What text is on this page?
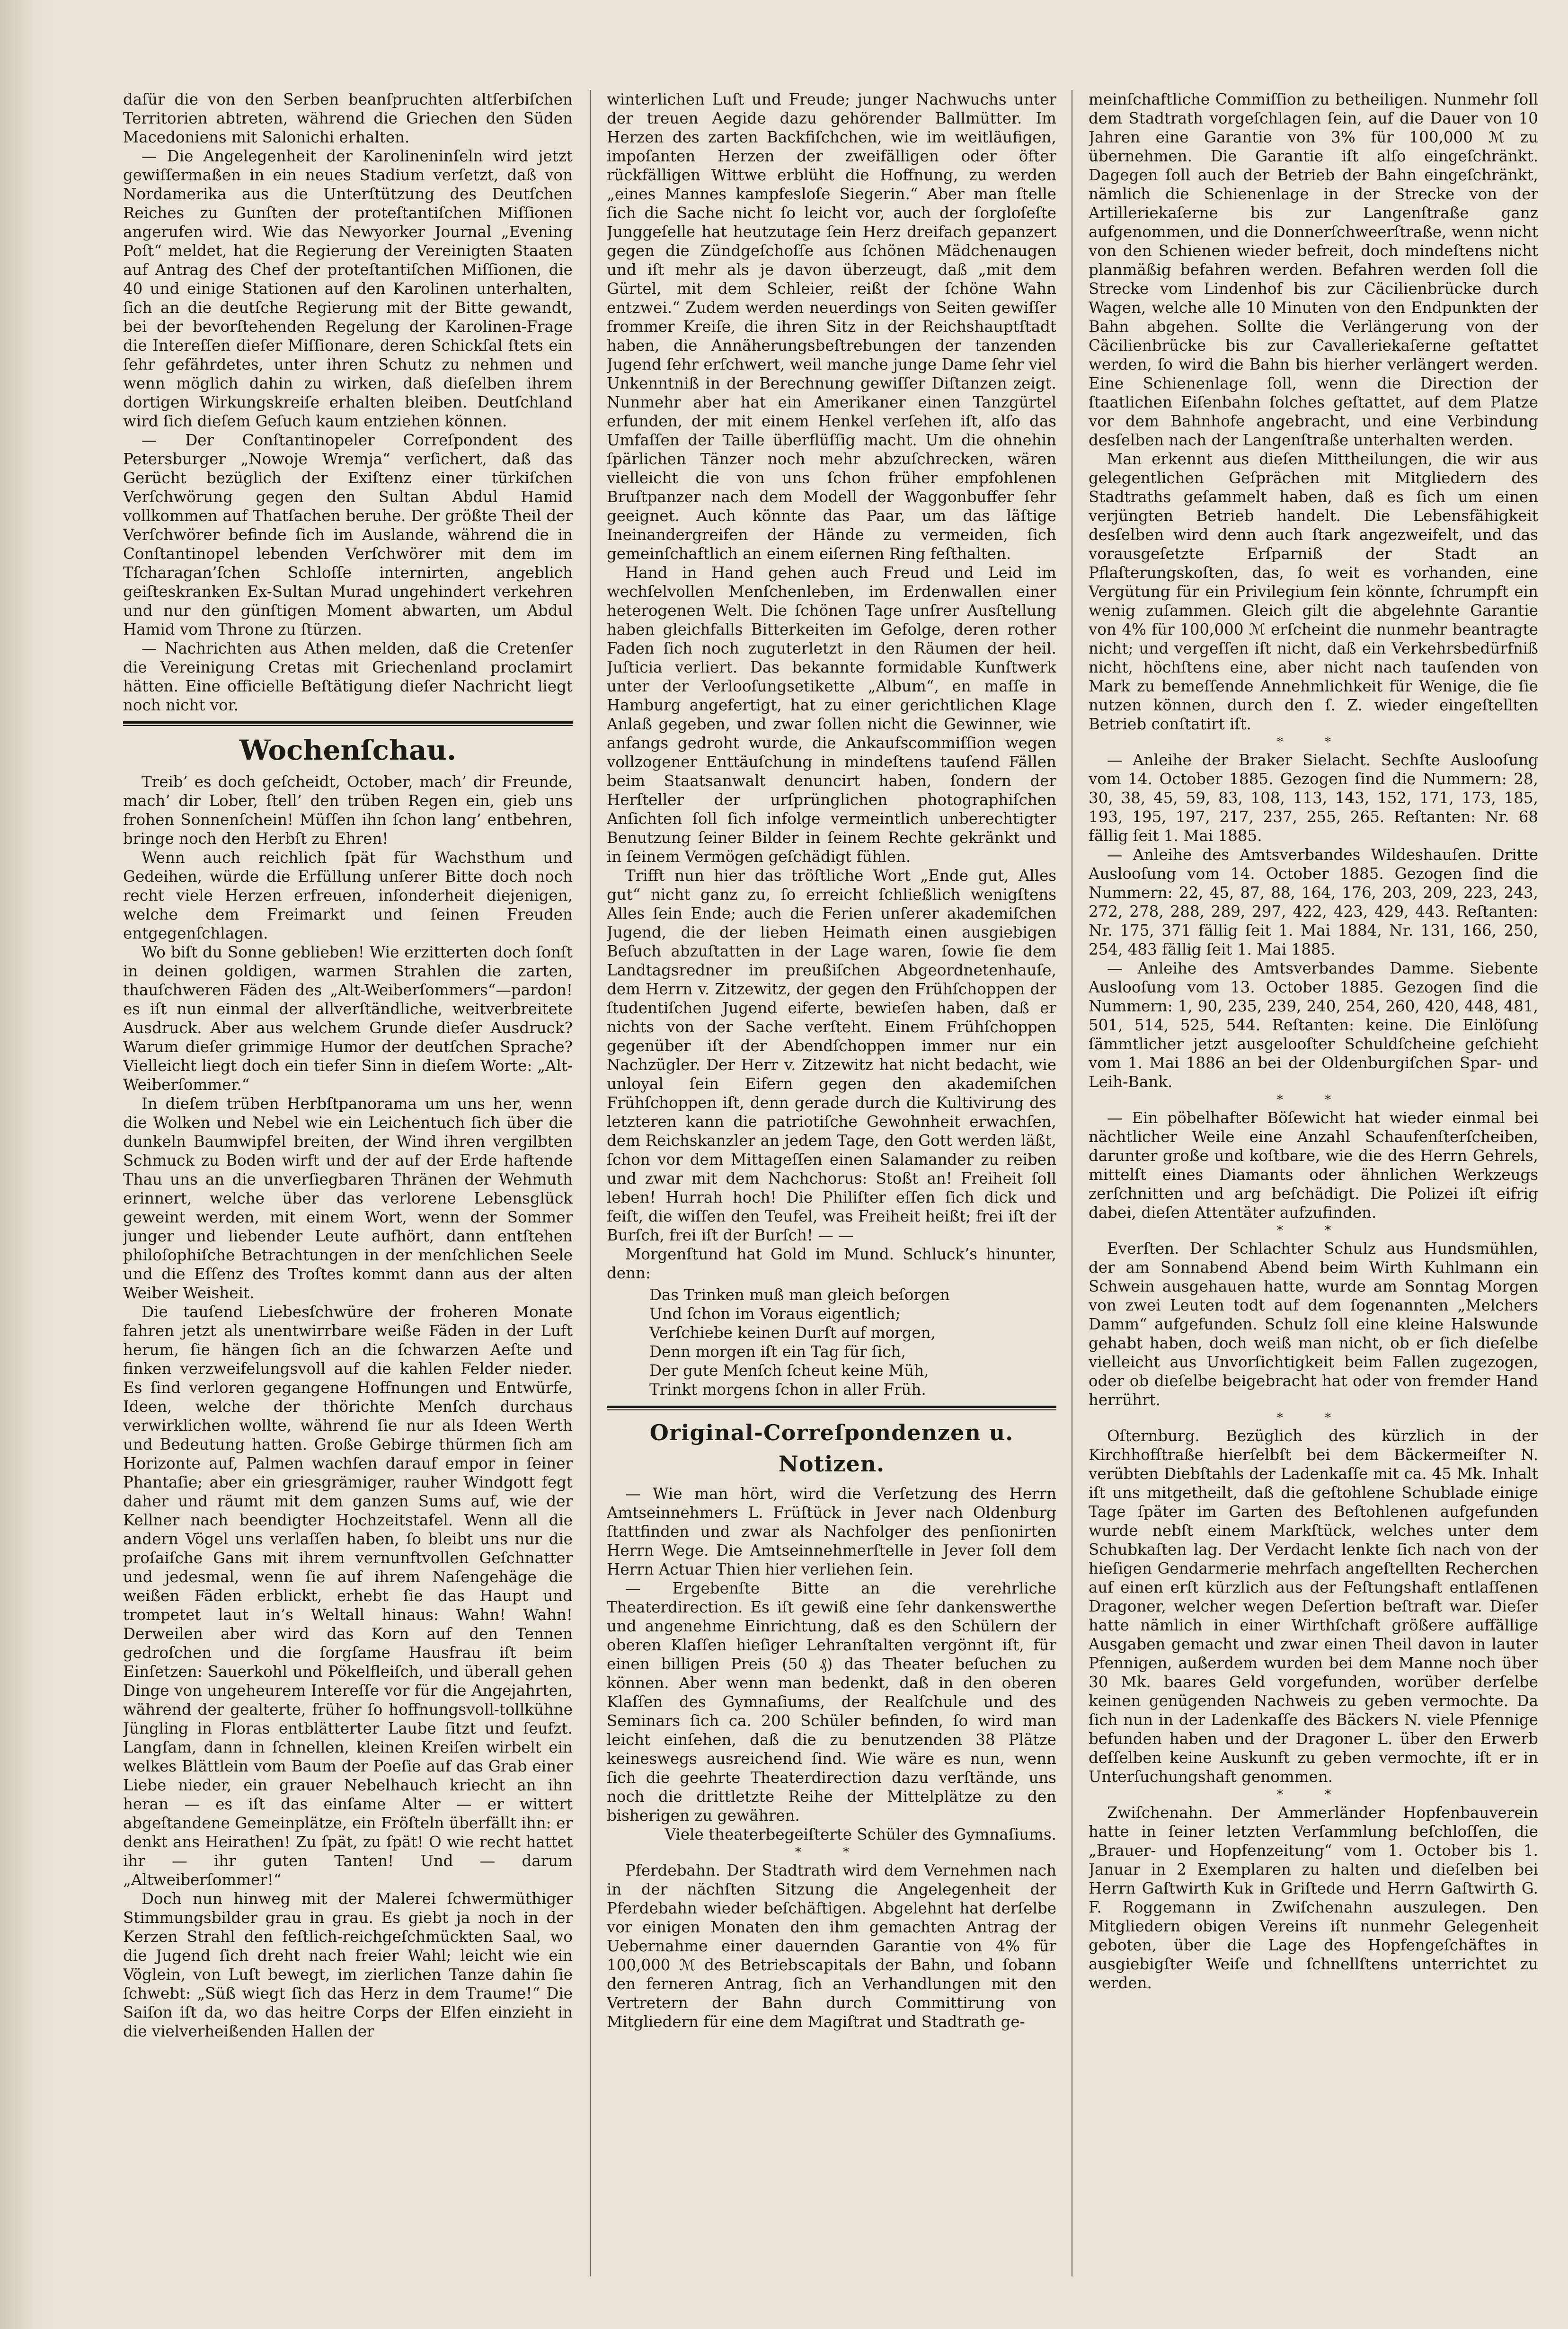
daſür die von den Serben beanſpruchten altſerbiſchen Territorien abtreten, während die Griechen den Süden Macedoniens mit Salonichi erhalten.

— Die Angelegenheit der Karolineninſeln wird jetzt gewiſſermaßen in ein neues Stadium verſetzt, daß von Nordamerika aus die Unterſtützung des Deutſchen Reiches zu Gunſten der proteſtantiſchen Miſſionen angerufen wird. Wie das Newyorker Journal „Evening Poſt“ meldet, hat die Regierung der Vereinigten Staaten auf Antrag des Chef der proteſtantiſchen Miſſionen, die 40 und einige Stationen auf den Karolinen unterhalten, ſich an die deutſche Regierung mit der Bitte gewandt, bei der bevorſtehenden Regelung der Karolinen-Frage die Intereſſen dieſer Miſſionare, deren Schickſal ſtets ein ſehr gefährdetes, unter ihren Schutz zu nehmen und wenn möglich dahin zu wirken, daß dieſelben ihrem dortigen Wirkungskreiſe erhalten bleiben. Deutſchland wird ſich dieſem Geſuch kaum entziehen können.

— Der Conſtantinopeler Correſpondent des Petersburger „Nowoje Wremja“ verſichert, daß das Gerücht bezüglich der Exiſtenz einer türkiſchen Verſchwörung gegen den Sultan Abdul Hamid vollkommen auf Thatſachen beruhe. Der größte Theil der Verſchwörer befinde ſich im Auslande, während die in Conſtantinopel lebenden Verſchwörer mit dem im Tſcharagan’ſchen Schloſſe internirten, angeblich geiſteskranken Ex-Sultan Murad ungehindert verkehren und nur den günſtigen Moment abwarten, um Abdul Hamid vom Throne zu ſtürzen.

— Nachrichten aus Athen melden, daß die Cretenſer die Vereinigung Cretas mit Griechenland proclamirt hätten. Eine officielle Beſtätigung dieſer Nachricht liegt noch nicht vor.

Wochenſchau.

Treib’ es doch geſcheidt, October, mach’ dir Freunde, mach’ dir Lober, ſtell’ den trüben Regen ein, gieb uns frohen Sonnenſchein! Müſſen ihn ſchon lang’ entbehren, bringe noch den Herbſt zu Ehren!

Wenn auch reichlich ſpät für Wachsthum und Gedeihen, würde die Erfüllung unſerer Bitte doch noch recht viele Herzen erfreuen, inſonderheit diejenigen, welche dem Freimarkt und ſeinen Freuden entgegenſchlagen.

Wo biſt du Sonne geblieben! Wie erzitterten doch ſonſt in deinen goldigen, warmen Strahlen die zarten, thauſchweren Fäden des „Alt-Weiberſommers“—pardon! es iſt nun einmal der allverſtändliche, weitverbreitete Ausdruck. Aber aus welchem Grunde dieſer Ausdruck? Warum dieſer grimmige Humor der deutſchen Sprache? Vielleicht liegt doch ein tiefer Sinn in dieſem Worte: „Alt-Weiberſommer.“

In dieſem trüben Herbſtpanorama um uns her, wenn die Wolken und Nebel wie ein Leichentuch ſich über die dunkeln Baumwipfel breiten, der Wind ihren vergilbten Schmuck zu Boden wirft und der auf der Erde haftende Thau uns an die unverſiegbaren Thränen der Wehmuth erinnert, welche über das verlorene Lebensglück geweint werden, mit einem Wort, wenn der Sommer junger und liebender Leute aufhört, dann entſtehen philoſophiſche Betrachtungen in der menſchlichen Seele und die Eſſenz des Troſtes kommt dann aus der alten Weiber Weisheit.

Die tauſend Liebesſchwüre der froheren Monate fahren jetzt als unentwirrbare weiße Fäden in der Luft herum, ſie hängen ſich an die ſchwarzen Aeſte und finken verzweifelungsvoll auf die kahlen Felder nieder. Es ſind verloren gegangene Hoffnungen und Entwürfe, Ideen, welche der thörichte Menſch durchaus verwirklichen wollte, während ſie nur als Ideen Werth und Bedeutung hatten. Große Gebirge thürmen ſich am Horizonte auf, Palmen wachſen darauf empor in ſeiner Phantaſie; aber ein griesgrämiger, rauher Windgott fegt daher und räumt mit dem ganzen Sums auf, wie der Kellner nach beendigter Hochzeitstafel. Wenn all die andern Vögel uns verlaſſen haben, ſo bleibt uns nur die proſaiſche Gans mit ihrem vernunftvollen Geſchnatter und jedesmal, wenn ſie auf ihrem Naſengehäge die weißen Fäden erblickt, erhebt ſie das Haupt und trompetet laut in’s Weltall hinaus: Wahn! Wahn! Derweilen aber wird das Korn auf den Tennen gedroſchen und die ſorgſame Hausfrau iſt beim Einſetzen: Sauerkohl und Pökelfleiſch, und überall gehen Dinge von ungeheurem Intereſſe vor für die Angejahrten, während der gealterte, früher ſo hoffnungsvoll-tollkühne Jüngling in Floras entblätterter Laube ſitzt und ſeufzt. Langſam, dann in ſchnellen, kleinen Kreiſen wirbelt ein welkes Blättlein vom Baum der Poeſie auf das Grab einer Liebe nieder, ein grauer Nebelhauch kriecht an ihn heran — es iſt das einſame Alter — er wittert abgeſtandene Gemeinplätze, ein Fröſteln überfällt ihn: er denkt ans Heirathen! Zu ſpät, zu ſpät! O wie recht hattet ihr — ihr guten Tanten! Und — darum „Altweiberſommer!“

Doch nun hinweg mit der Malerei ſchwermüthiger Stimmungsbilder grau in grau. Es giebt ja noch in der Kerzen Strahl den feſtlich-reichgeſchmückten Saal, wo die Jugend ſich dreht nach freier Wahl; leicht wie ein Vöglein, von Luſt bewegt, im zierlichen Tanze dahin ſie ſchwebt: „Süß wiegt ſich das Herz in dem Traume!“ Die Saiſon iſt da, wo das heitre Corps der Elfen einzieht in die vielverheißenden Hallen der

winterlichen Luſt und Freude; junger Nachwuchs unter der treuen Aegide dazu gehörender Ballmütter. Im Herzen des zarten Backfiſchchen, wie im weitläufigen, impoſanten Herzen der zweifälligen oder öfter rückfälligen Wittwe erblüht die Hoffnung, zu werden „eines Mannes kampfesloſe Siegerin.“ Aber man ſtelle ſich die Sache nicht ſo leicht vor, auch der ſorgloſeſte Junggeſelle hat heutzutage ſein Herz dreifach gepanzert gegen die Zündgeſchoſſe aus ſchönen Mädchenaugen und iſt mehr als je davon überzeugt, daß „mit dem Gürtel, mit dem Schleier, reißt der ſchöne Wahn entzwei.“ Zudem werden neuerdings von Seiten gewiſſer frommer Kreiſe, die ihren Sitz in der Reichshauptſtadt haben, die Annäherungsbeſtrebungen der tanzenden Jugend ſehr erſchwert, weil manche junge Dame ſehr viel Unkenntniß in der Berechnung gewiſſer Diſtanzen zeigt. Nunmehr aber hat ein Amerikaner einen Tanzgürtel erfunden, der mit einem Henkel verſehen iſt, alſo das Umfaſſen der Taille überflüſſig macht. Um die ohnehin ſpärlichen Tänzer noch mehr abzuſchrecken, wären vielleicht die von uns ſchon früher empfohlenen Bruſtpanzer nach dem Modell der Waggonbuffer ſehr geeignet. Auch könnte das Paar, um das läſtige Ineinandergreifen der Hände zu vermeiden, ſich gemeinſchaftlich an einem eiſernen Ring feſthalten.

Hand in Hand gehen auch Freud und Leid im wechſelvollen Menſchenleben, im Erdenwallen einer heterogenen Welt. Die ſchönen Tage unſrer Ausſtellung haben gleichfalls Bitterkeiten im Gefolge, deren rother Faden ſich noch zuguterletzt in den Räumen der heil. Juſticia verliert. Das bekannte formidable Kunſtwerk unter der Verlooſungsetikette „Album“, en maſſe in Hamburg angefertigt, hat zu einer gerichtlichen Klage Anlaß gegeben, und zwar ſollen nicht die Gewinner, wie anfangs gedroht wurde, die Ankaufscommiſſion wegen vollzogener Enttäuſchung in mindeſtens tauſend Fällen beim Staatsanwalt denuncirt haben, ſondern der Herſteller der urſprünglichen photographiſchen Anſichten ſoll ſich infolge vermeintlich unberechtigter Benutzung ſeiner Bilder in ſeinem Rechte gekränkt und in ſeinem Vermögen geſchädigt fühlen.

Trifft nun hier das tröſtliche Wort „Ende gut, Alles gut“ nicht ganz zu, ſo erreicht ſchließlich wenigſtens Alles ſein Ende; auch die Ferien unſerer akademiſchen Jugend, die der lieben Heimath einen ausgiebigen Beſuch abzuſtatten in der Lage waren, ſowie ſie dem Landtagsredner im preußiſchen Abgeordnetenhauſe, dem Herrn v. Zitzewitz, der gegen den Frühſchoppen der ſtudentiſchen Jugend eiferte, bewieſen haben, daß er nichts von der Sache verſteht. Einem Frühſchoppen gegenüber iſt der Abendſchoppen immer nur ein Nachzügler. Der Herr v. Zitzewitz hat nicht bedacht, wie unloyal ſein Eifern gegen den akademiſchen Frühſchoppen iſt, denn gerade durch die Kultivirung des letzteren kann die patriotiſche Gewohnheit erwachſen, dem Reichskanzler an jedem Tage, den Gott werden läßt, ſchon vor dem Mittageſſen einen Salamander zu reiben und zwar mit dem Nachchorus: Stoßt an! Freiheit ſoll leben! Hurrah hoch! Die Philiſter eſſen ſich dick und feiſt, die wiſſen den Teufel, was Freiheit heißt; frei iſt der Burſch, frei iſt der Burſch! — —

Morgenſtund hat Gold im Mund. Schluck’s hinunter, denn:

Das Trinken muß man gleich beſorgen
Und ſchon im Voraus eigentlich;
Verſchiebe keinen Durſt auf morgen,
Denn morgen iſt ein Tag für ſich,
Der gute Menſch ſcheut keine Müh,
Trinkt morgens ſchon in aller Früh.
Original-Correſpondenzen u. Notizen.

— Wie man hört, wird die Verſetzung des Herrn Amtseinnehmers L. Früſtück in Jever nach Oldenburg ſtattfinden und zwar als Nachfolger des penſionirten Herrn Wege. Die Amtseinnehmerſtelle in Jever ſoll dem Herrn Actuar Thien hier verliehen ſein.

— Ergebenſte Bitte an die verehrliche Theaterdirection. Es iſt gewiß eine ſehr dankenswerthe und angenehme Einrichtung, daß es den Schülern der oberen Klaſſen hieſiger Lehranſtalten vergönnt iſt, für einen billigen Preis (50 ₰) das Theater beſuchen zu können. Aber wenn man bedenkt, daß in den oberen Klaſſen des Gymnaſiums, der Realſchule und des Seminars ſich ca. 200 Schüler befinden, ſo wird man leicht einſehen, daß die zu benutzenden 38 Plätze keineswegs ausreichend ſind. Wie wäre es nun, wenn ſich die geehrte Theaterdirection dazu verſtände, uns noch die drittletzte Reihe der Mittelplätze zu den bisherigen zu gewähren.

Viele theaterbegeiſterte Schüler des Gymnaſiums.

* *

Pferdebahn. Der Stadtrath wird dem Vernehmen nach in der nächſten Sitzung die Angelegenheit der Pferdebahn wieder beſchäftigen. Abgelehnt hat derſelbe vor einigen Monaten den ihm gemachten Antrag der Uebernahme einer dauernden Garantie von 4% für 100,000 ℳ des Betriebscapitals der Bahn, und ſobann den ferneren Antrag, ſich an Verhandlungen mit den Vertretern der Bahn durch Committirung von Mitgliedern für eine dem Magiſtrat und Stadtrath ge-

meinſchaftliche Commiſſion zu betheiligen. Nunmehr ſoll dem Stadtrath vorgeſchlagen ſein, auf die Dauer von 10 Jahren eine Garantie von 3% für 100,000 ℳ zu übernehmen. Die Garantie iſt alſo eingeſchränkt. Dagegen ſoll auch der Betrieb der Bahn eingeſchränkt, nämlich die Schienenlage in der Strecke von der Artilleriekaſerne bis zur Langenſtraße ganz aufgenommen, und die Donnerſchweerſtraße, wenn nicht von den Schienen wieder befreit, doch mindeſtens nicht planmäßig befahren werden. Befahren werden ſoll die Strecke vom Lindenhof bis zur Cäcilienbrücke durch Wagen, welche alle 10 Minuten von den Endpunkten der Bahn abgehen. Sollte die Verlängerung von der Cäcilienbrücke bis zur Cavalleriekaſerne geſtattet werden, ſo wird die Bahn bis hierher verlängert werden. Eine Schienenlage ſoll, wenn die Direction der ſtaatlichen Eiſenbahn ſolches geſtattet, auf dem Platze vor dem Bahnhofe angebracht, und eine Verbindung desſelben nach der Langenſtraße unterhalten werden.

Man erkennt aus dieſen Mittheilungen, die wir aus gelegentlichen Geſprächen mit Mitgliedern des Stadtraths geſammelt haben, daß es ſich um einen verjüngten Betrieb handelt. Die Lebensfähigkeit desſelben wird denn auch ſtark angezweifelt, und das vorausgeſetzte Erſparniß der Stadt an Pflaſterungskoſten, das, ſo weit es vorhanden, eine Vergütung für ein Privilegium ſein könnte, ſchrumpft ein wenig zuſammen. Gleich gilt die abgelehnte Garantie von 4% für 100,000 ℳ erſcheint die nunmehr beantragte nicht; und vergeſſen iſt nicht, daß ein Verkehrsbedürfniß nicht, höchſtens eine, aber nicht nach tauſenden von Mark zu bemeſſende Annehmlichkeit für Wenige, die ſie nutzen können, durch den ſ. Z. wieder eingeſtellten Betrieb conſtatirt iſt.

* *

— Anleihe der Braker Sielacht. Sechſte Auslooſung vom 14. October 1885. Gezogen ſind die Nummern: 28, 30, 38, 45, 59, 83, 108, 113, 143, 152, 171, 173, 185, 193, 195, 197, 217, 237, 255, 265. Reſtanten: Nr. 68 fällig ſeit 1. Mai 1885.

— Anleihe des Amtsverbandes Wildeshauſen. Dritte Auslooſung vom 14. October 1885. Gezogen ſind die Nummern: 22, 45, 87, 88, 164, 176, 203, 209, 223, 243, 272, 278, 288, 289, 297, 422, 423, 429, 443. Reſtanten: Nr. 175, 371 fällig ſeit 1. Mai 1884, Nr. 131, 166, 250, 254, 483 fällig ſeit 1. Mai 1885.

— Anleihe des Amtsverbandes Damme. Siebente Auslooſung vom 13. October 1885. Gezogen ſind die Nummern: 1, 90, 235, 239, 240, 254, 260, 420, 448, 481, 501, 514, 525, 544. Reſtanten: keine. Die Einlöſung ſämmtlicher jetzt ausgelooſter Schuldſcheine geſchieht vom 1. Mai 1886 an bei der Oldenburgiſchen Spar- und Leih-Bank.

* *

— Ein pöbelhafter Böſewicht hat wieder einmal bei nächtlicher Weile eine Anzahl Schaufenſterſcheiben, darunter große und koſtbare, wie die des Herrn Gehrels, mittelſt eines Diamants oder ähnlichen Werkzeugs zerſchnitten und arg beſchädigt. Die Polizei iſt eifrig dabei, dieſen Attentäter aufzufinden.

* *

Everſten. Der Schlachter Schulz aus Hundsmühlen, der am Sonnabend Abend beim Wirth Kuhlmann ein Schwein ausgehauen hatte, wurde am Sonntag Morgen von zwei Leuten todt auf dem ſogenannten „Melchers Damm“ aufgefunden. Schulz ſoll eine kleine Halswunde gehabt haben, doch weiß man nicht, ob er ſich dieſelbe vielleicht aus Unvorſichtigkeit beim Fallen zugezogen, oder ob dieſelbe beigebracht hat oder von fremder Hand herrührt.

* *

Oſternburg. Bezüglich des kürzlich in der Kirchhofſtraße hierſelbſt bei dem Bäckermeiſter N. verübten Diebſtahls der Ladenkaſſe mit ca. 45 Mk. Inhalt iſt uns mitgetheilt, daß die geſtohlene Schublade einige Tage ſpäter im Garten des Beſtohlenen aufgefunden wurde nebſt einem Markſtück, welches unter dem Schubkaſten lag. Der Verdacht lenkte ſich nach von der hieſigen Gendarmerie mehrfach angeſtellten Recherchen auf einen erſt kürzlich aus der Feſtungshaft entlaſſenen Dragoner, welcher wegen Deſertion beſtraft war. Dieſer hatte nämlich in einer Wirthſchaft größere auffällige Ausgaben gemacht und zwar einen Theil davon in lauter Pfennigen, außerdem wurden bei dem Manne noch über 30 Mk. baares Geld vorgefunden, worüber derſelbe keinen genügenden Nachweis zu geben vermochte. Da ſich nun in der Ladenkaſſe des Bäckers N. viele Pfennige befunden haben und der Dragoner L. über den Erwerb deſſelben keine Auskunft zu geben vermochte, iſt er in Unterſuchungshaft genommen.

* *

Zwiſchenahn. Der Ammerländer Hopfenbauverein hatte in ſeiner letzten Verſammlung beſchloſſen, die „Brauer- und Hopfenzeitung“ vom 1. October bis 1. Januar in 2 Exemplaren zu halten und dieſelben bei Herrn Gaſtwirth Kuk in Griſtede und Herrn Gaſtwirth G. F. Roggemann in Zwiſchenahn auszulegen. Den Mitgliedern obigen Vereins iſt nunmehr Gelegenheit geboten, über die Lage des Hopfengeſchäftes in ausgiebigſter Weiſe und ſchnellſtens unterrichtet zu werden.
